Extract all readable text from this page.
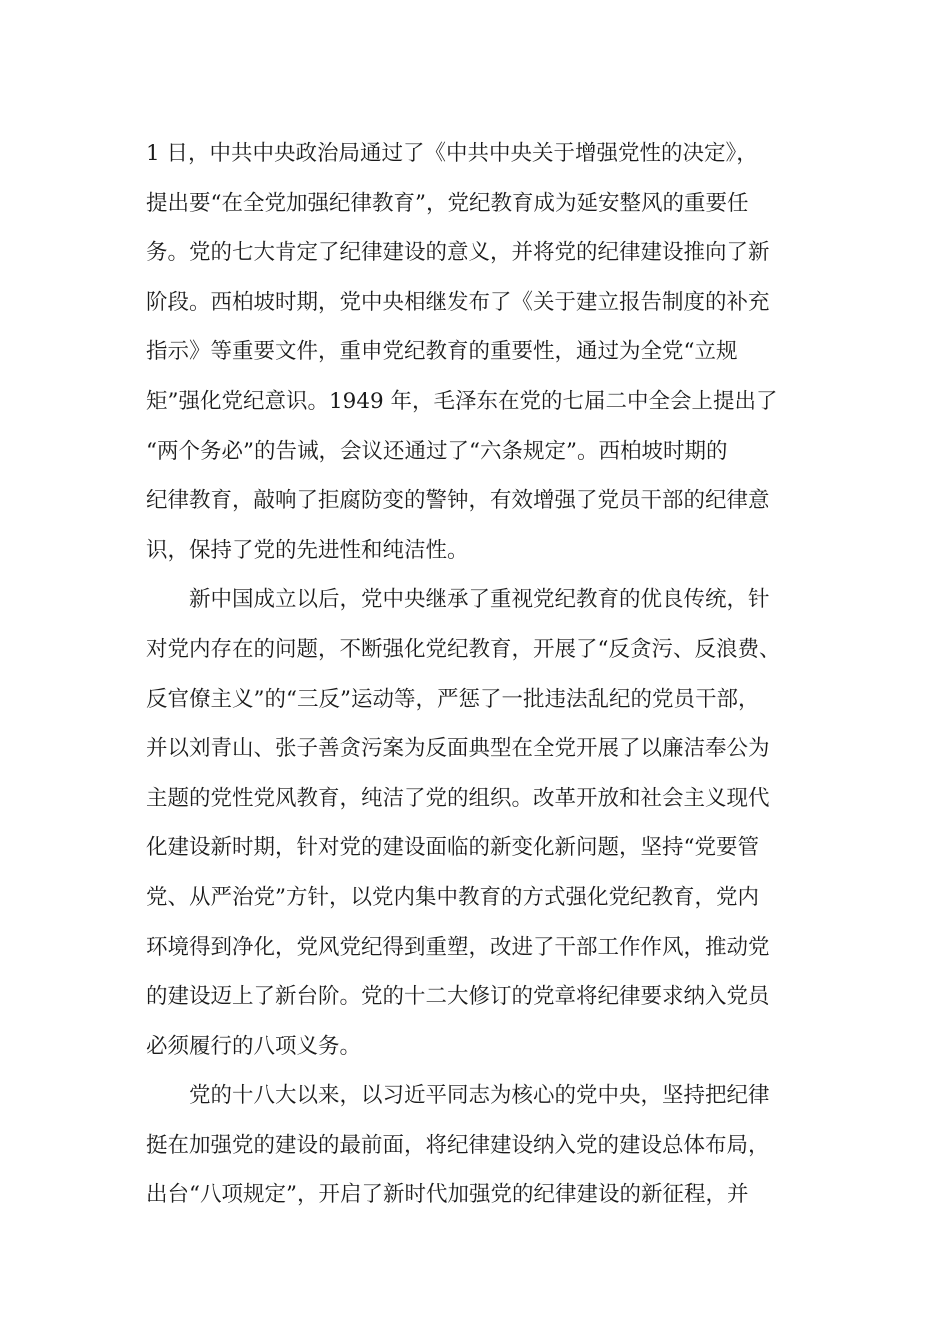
1 日，中共中央政治局通过了《中共中央关于增强党性的决定》，
提出要“在全党加强纪律教育”，党纪教育成为延安整风的重要任
务。党的七大肯定了纪律建设的意义，并将党的纪律建设推向了新
阶段。西柏坡时期，党中央相继发布了《关于建立报告制度的补充
指示》等重要文件，重申党纪教育的重要性，通过为全党“立规
矩”强化党纪意识。1949 年，毛泽东在党的七届二中全会上提出了
“两个务必”的告诫，会议还通过了“六条规定”。西柏坡时期的
纪律教育，敲响了拒腐防变的警钟，有效增强了党员干部的纪律意
识，保持了党的先进性和纯洁性。
新中国成立以后，党中央继承了重视党纪教育的优良传统，针
对党内存在的问题，不断强化党纪教育，开展了“反贪污、反浪费、
反官僚主义”的“三反”运动等，严惩了一批违法乱纪的党员干部，
并以刘青山、张子善贪污案为反面典型在全党开展了以廉洁奉公为
主题的党性党风教育，纯洁了党的组织。改革开放和社会主义现代
化建设新时期，针对党的建设面临的新变化新问题，坚持“党要管
党、从严治党”方针，以党内集中教育的方式强化党纪教育，党内
环境得到净化，党风党纪得到重塑，改进了干部工作作风，推动党
的建设迈上了新台阶。党的十二大修订的党章将纪律要求纳入党员
必须履行的八项义务。
党的十八大以来，以习近平同志为核心的党中央，坚持把纪律
挺在加强党的建设的最前面，将纪律建设纳入党的建设总体布局，
出台“八项规定”，开启了新时代加强党的纪律建设的新征程，并
